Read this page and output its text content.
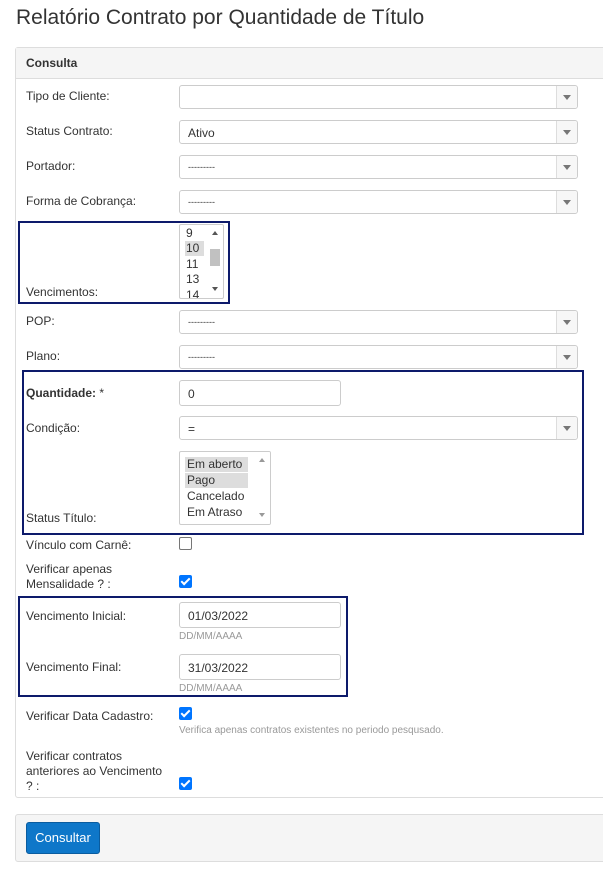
Relatório Contrato por Quantidade de Título
Consulta
Tipo de Cliente:
Status Contrato:	Ativo
Portador:	---------
Forma de Cobrança:	---------
Vencimentos:
9
10
11
13
14
POP:	---------
Plano:	---------
Quantidade: *	0
Condição:	=
Status Título:
Em aberto
Pago
Cancelado
Em Atraso
Vínculo com Carnê:
Verificar apenas
Mensalidade ? :
Vencimento Inicial:	01/03/2022
DD/MM/AAAA
Vencimento Final:	31/03/2022
DD/MM/AAAA
Verificar Data Cadastro:
Verifica apenas contratos existentes no periodo pesqusado.
Verificar contratos
anteriores ao Vencimento
? :
Consultar
